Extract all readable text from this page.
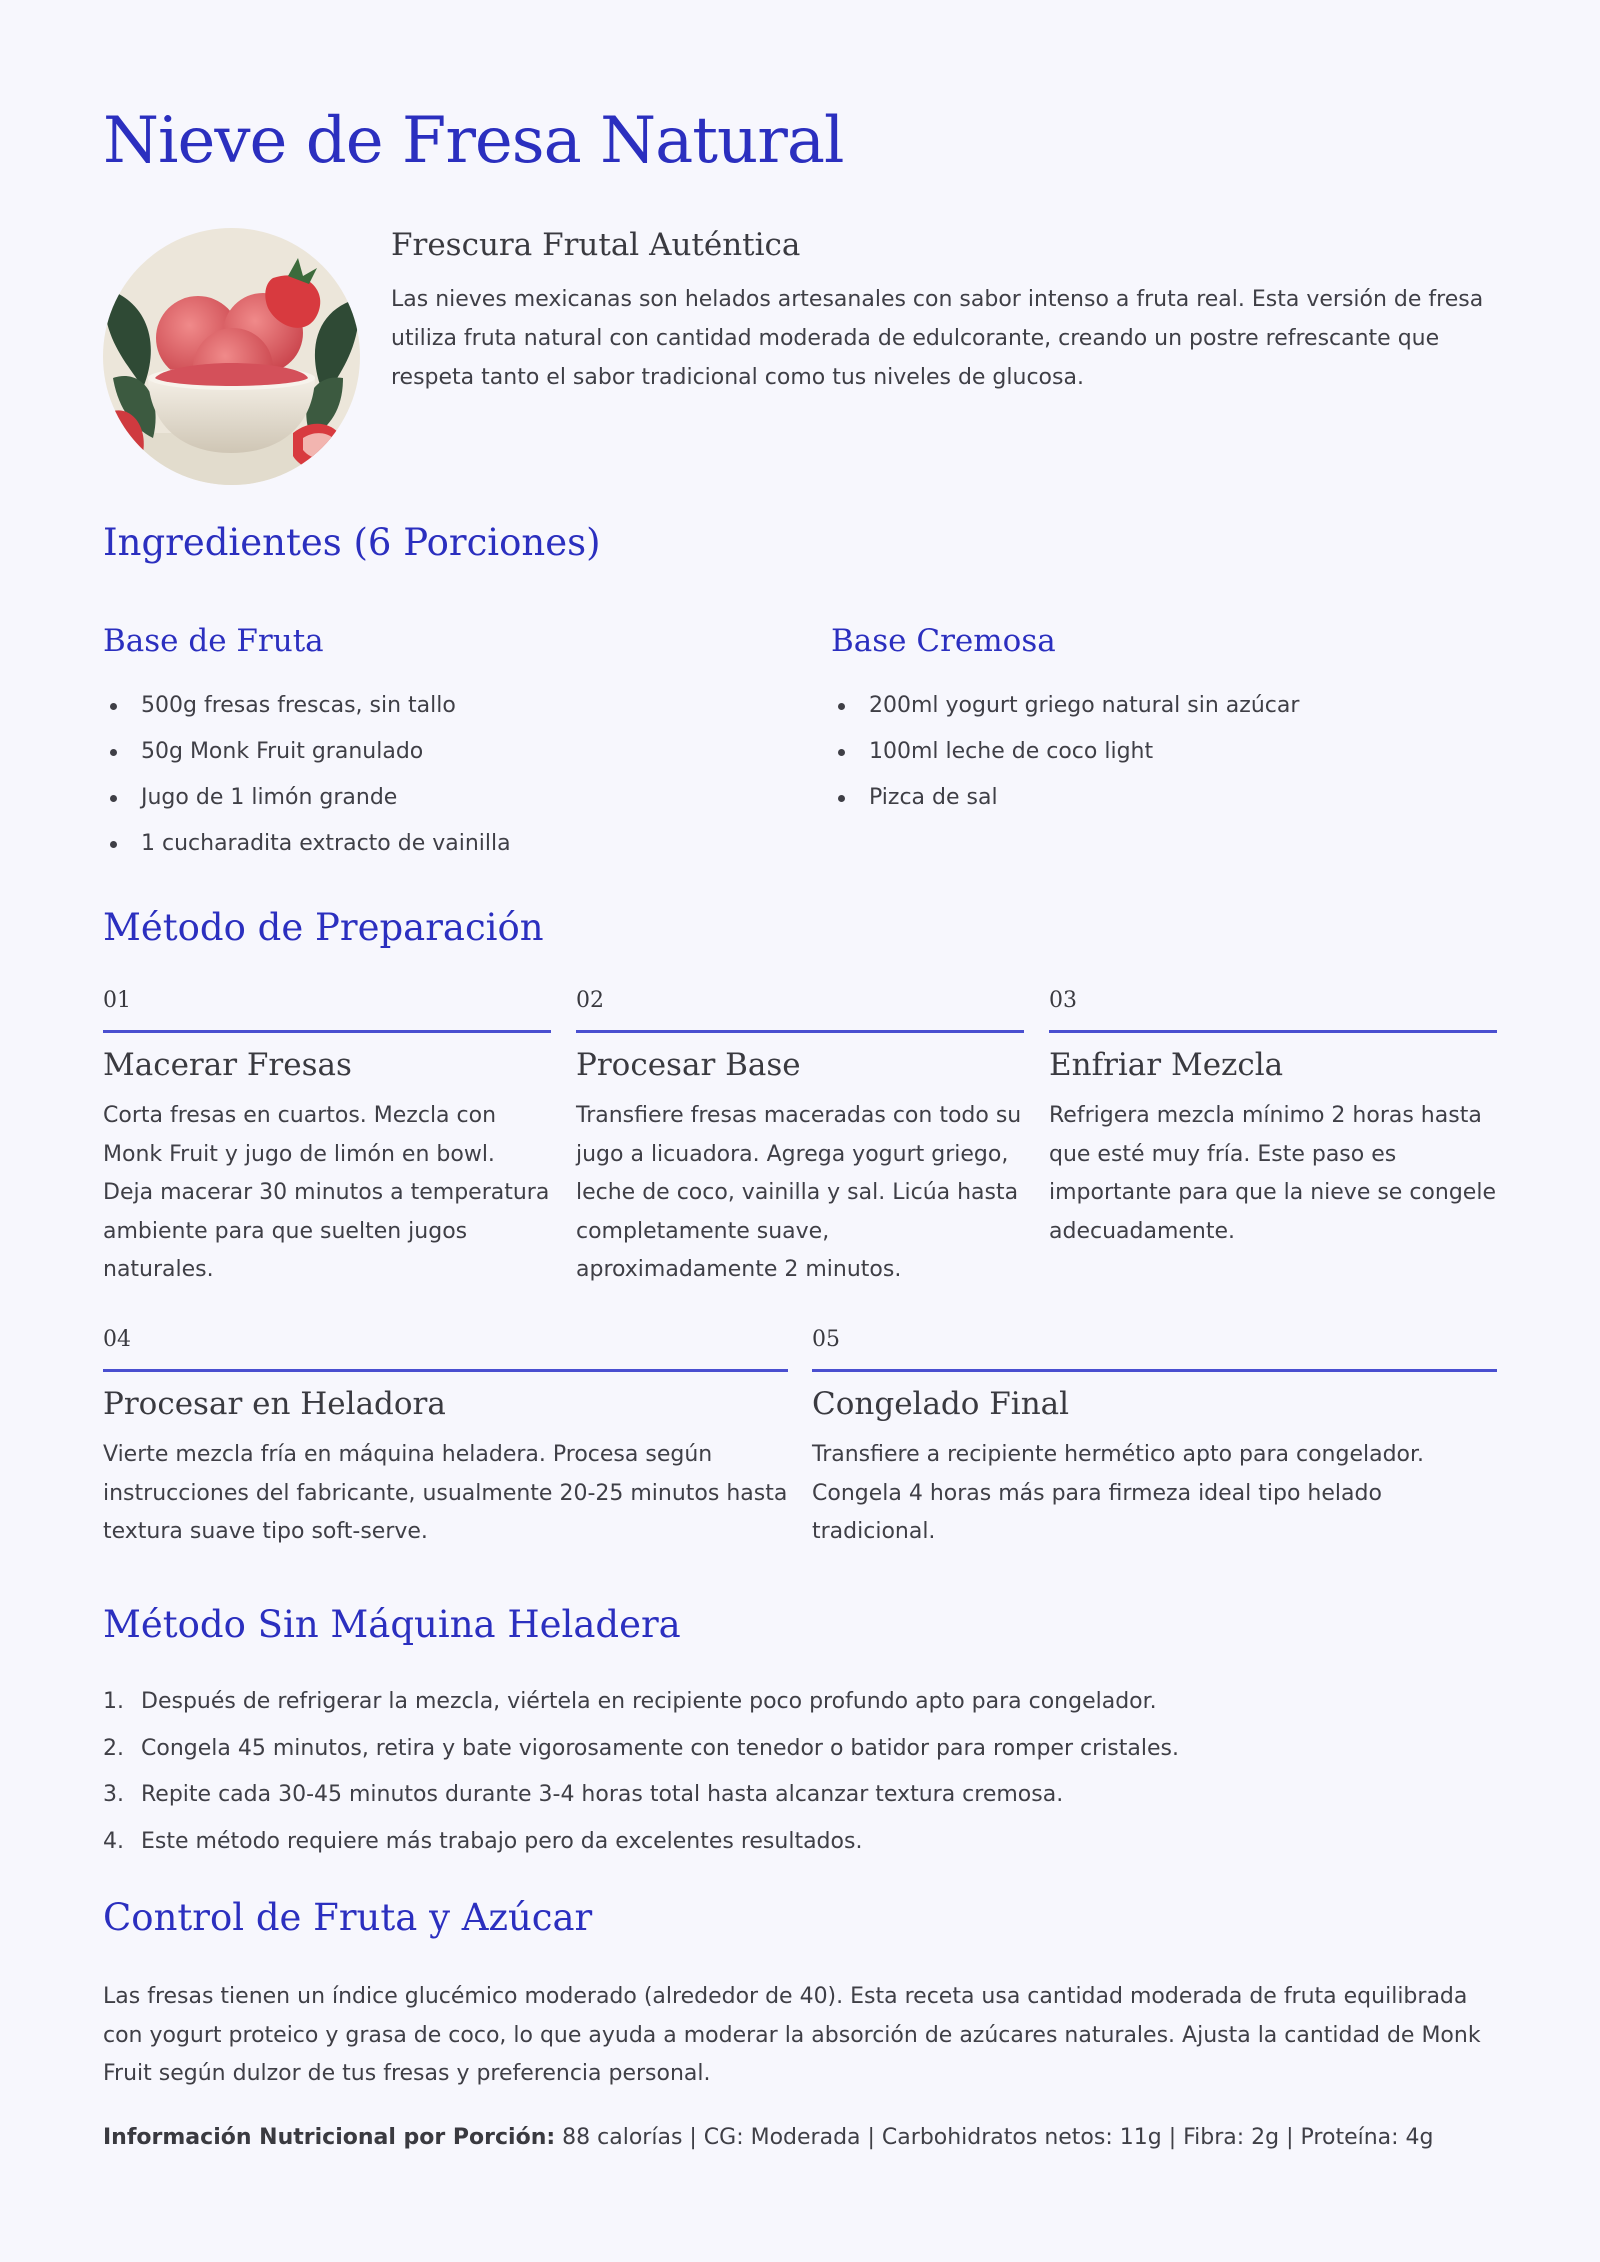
Nieve de Fresa Natural
Frescura Frutal Auténtica

Las nieves mexicanas son helados artesanales con sabor intenso a fruta real. Esta versión de fresa utiliza fruta natural con cantidad moderada de edulcorante, creando un postre refrescante que respeta tanto el sabor tradicional como tus niveles de glucosa.

Ingredientes (6 Porciones)
Base de Fruta
500g fresas frescas, sin tallo
50g Monk Fruit granulado
Jugo de 1 limón grande
1 cucharadita extracto de vainilla
Base Cremosa
200ml yogurt griego natural sin azúcar
100ml leche de coco light
Pizca de sal
Método de Preparación
01
Macerar Fresas
Corta fresas en cuartos. Mezcla con Monk Fruit y jugo de limón en bowl. Deja macerar 30 minutos a temperatura ambiente para que suelten jugos naturales.
02
Procesar Base
Transfiere fresas maceradas con todo su jugo a licuadora. Agrega yogurt griego, leche de coco, vainilla y sal. Licúa hasta completamente suave, aproximadamente 2 minutos.
03
Enfriar Mezcla
Refrigera mezcla mínimo 2 horas hasta que esté muy fría. Este paso es importante para que la nieve se congele adecuadamente.
04
Procesar en Heladora
Vierte mezcla fría en máquina heladera. Procesa según instrucciones del fabricante, usualmente 20-25 minutos hasta textura suave tipo soft-serve.
05
Congelado Final
Transfiere a recipiente hermético apto para congelador. Congela 4 horas más para firmeza ideal tipo helado tradicional.
Método Sin Máquina Heladera
1. Después de refrigerar la mezcla, viértela en recipiente poco profundo apto para congelador.
2. Congela 45 minutos, retira y bate vigorosamente con tenedor o batidor para romper cristales.
3. Repite cada 30-45 minutos durante 3-4 horas total hasta alcanzar textura cremosa.
4. Este método requiere más trabajo pero da excelentes resultados.
Control de Fruta y Azúcar

Las fresas tienen un índice glucémico moderado (alrededor de 40). Esta receta usa cantidad moderada de fruta equilibrada con yogurt proteico y grasa de coco, lo que ayuda a moderar la absorción de azúcares naturales. Ajusta la cantidad de Monk Fruit según dulzor de tus fresas y preferencia personal.

Información Nutricional por Porción: 88 calorías | CG: Moderada | Carbohidratos netos: 11g | Fibra: 2g | Proteína: 4g
